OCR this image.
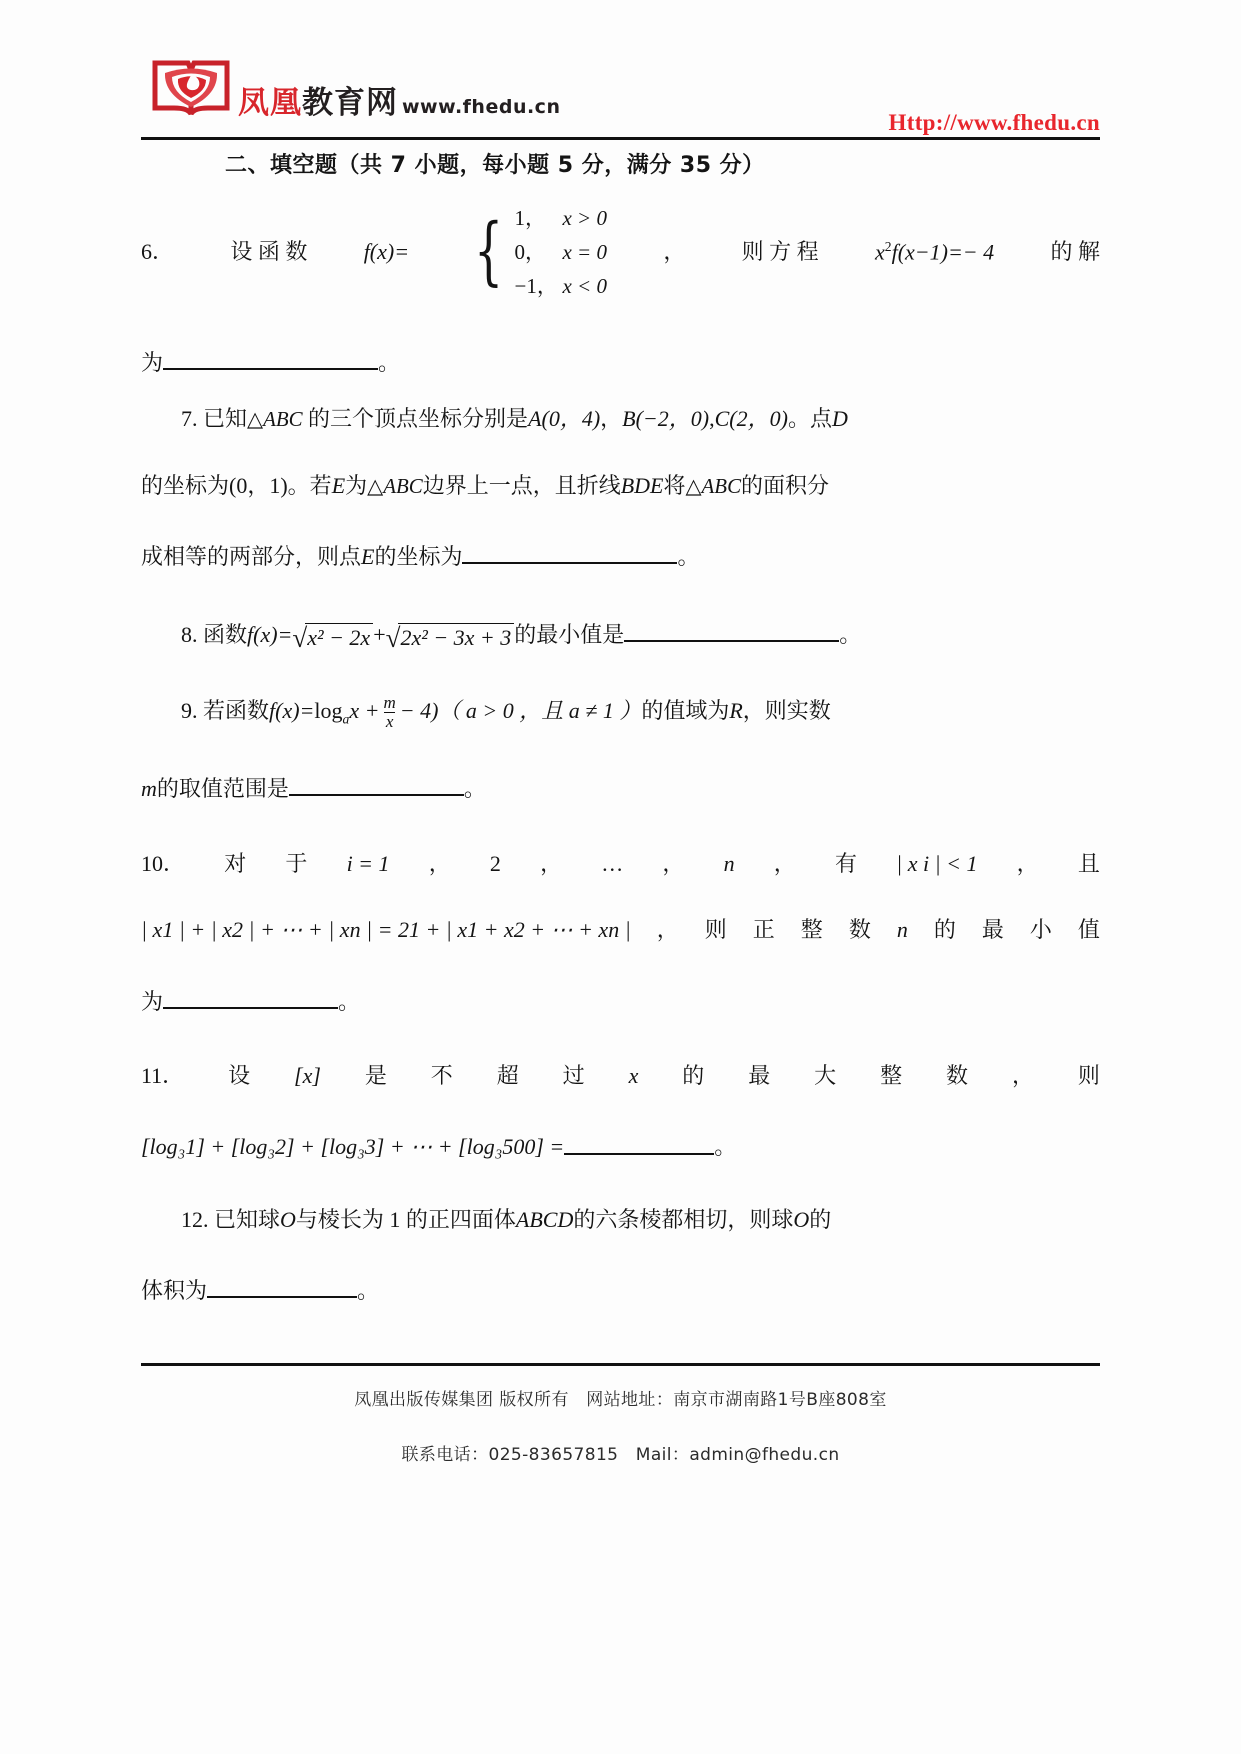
凤凰教育网 www.fhedu.cn
Http://www.fhedu.cn
二、填空题（共 7 小题，每小题 5 分，满分 35 分）
6．	设 函 数	f(x)= { 1， x > 0
0， x = 0
−1， x < 0
，	则 方 程	$x^2f(x-1)=- 4$	的 解
为	。
7. 已知△ABC 的三个顶点坐标分别是A(0，4)，B(−2，0),C(2，0)。点D
的坐标为(0，1)。若E为△ABC边界上一点，且折线BDE将△ABC的面积分
成相等的两部分，则点E的坐标为	。
8. 函数f(x)= √ x² − 2x + √ 2x² − 3x + 3 的最小值是	。
9. 若函数$f(x)=\log_ax + \frac{m}{x} - 4$)（ a > 0 ，且 a ≠ 1 ）的值域为R，则实数
m的取值范围是	。
10． 对 于 i = 1 ， 2 ， … ， n ， 有 | x i | < 1 ， 且
| x1 | + | x2 | + ⋯ + | xn | = 21 + | x1 + x2 + ⋯ + xn | ， 则 正 整 数 n 的 最 小 值
为	。
11． 设 [x] 是 不 超 过 x 的 最 大 整 数 ， 则
[log₃1] + [log₃2] + [log₃3] + ⋯ + [log₃500] =	。
12. 已知球O与棱长为 1 的正四面体ABCD的六条棱都相切，则球O的
体积为	。
凤凰出版传媒集团 版权所有　网站地址：南京市湖南路1号B座808室
联系电话：025-83657815　Mail：admin@fhedu.cn
